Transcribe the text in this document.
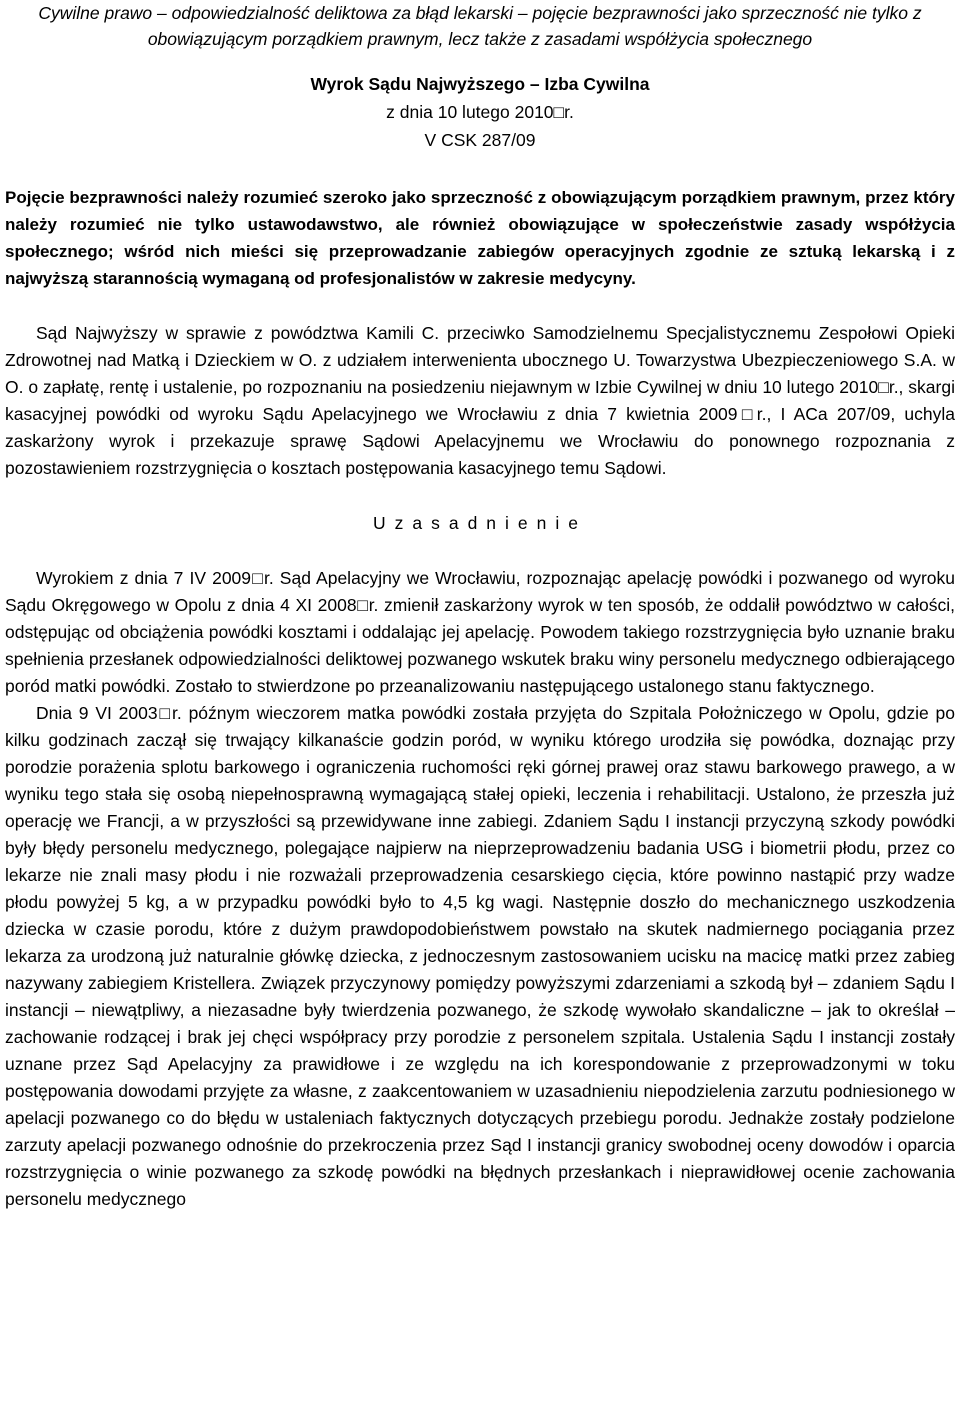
Cywilne prawo – odpowiedzialność deliktowa za błąd lekarski – pojęcie bezprawności jako sprzeczność nie tylko z obowiązującym porządkiem prawnym, lecz także z zasadami współżycia społecznego

Wyrok Sądu Najwyższego – Izba Cywilna

z dnia 10 lutego 2010□r.

V CSK 287/09

Pojęcie bezprawności należy rozumieć szeroko jako sprzeczność z obowiązującym porządkiem prawnym, przez który należy rozumieć nie tylko ustawodawstwo, ale również obowiązujące w społeczeństwie zasady współżycia społecznego; wśród nich mieści się przeprowadzanie zabiegów operacyjnych zgodnie ze sztuką lekarską i z najwyższą starannością wymaganą od profesjonalistów w zakresie medycyny.

Sąd Najwyższy w sprawie z powództwa Kamili C. przeciwko Samodzielnemu Specjalistycznemu Zespołowi Opieki Zdrowotnej nad Matką i Dzieckiem w O. z udziałem interwenienta ubocznego U. Towarzystwa Ubezpieczeniowego S.A. w O. o zapłatę, rentę i ustalenie, po rozpoznaniu na posiedzeniu niejawnym w Izbie Cywilnej w dniu 10 lutego 2010□r., skargi kasacyjnej powódki od wyroku Sądu Apelacyjnego we Wrocławiu z dnia 7 kwietnia 2009□r., I ACa 207/09, uchyla zaskarżony wyrok i przekazuje sprawę Sądowi Apelacyjnemu we Wrocławiu do ponownego rozpoznania z pozostawieniem rozstrzygnięcia o kosztach postępowania kasacyjnego temu Sądowi.

Uzasadnienie

Wyrokiem z dnia 7 IV 2009□r. Sąd Apelacyjny we Wrocławiu, rozpoznając apelację powódki i pozwanego od wyroku Sądu Okręgowego w Opolu z dnia 4 XI 2008□r. zmienił zaskarżony wyrok w ten sposób, że oddalił powództwo w całości, odstępując od obciążenia powódki kosztami i oddalając jej apelację. Powodem takiego rozstrzygnięcia było uznanie braku spełnienia przesłanek odpowiedzialności deliktowej pozwanego wskutek braku winy personelu medycznego odbierającego poród matki powódki. Zostało to stwierdzone po przeanalizowaniu następującego ustalonego stanu faktycznego.

Dnia 9 VI 2003□r. późnym wieczorem matka powódki została przyjęta do Szpitala Położniczego w Opolu, gdzie po kilku godzinach zaczął się trwający kilkanaście godzin poród, w wyniku którego urodziła się powódka, doznając przy porodzie porażenia splotu barkowego i ograniczenia ruchomości ręki górnej prawej oraz stawu barkowego prawego, a w wyniku tego stała się osobą niepełnosprawną wymagającą stałej opieki, leczenia i rehabilitacji. Ustalono, że przeszła już operację we Francji, a w przyszłości są przewidywane inne zabiegi. Zdaniem Sądu I instancji przyczyną szkody powódki były błędy personelu medycznego, polegające najpierw na nieprzeprowadzeniu badania USG i biometrii płodu, przez co lekarze nie znali masy płodu i nie rozważali przeprowadzenia cesarskiego cięcia, które powinno nastąpić przy wadze płodu powyżej 5 kg, a w przypadku powódki było to 4,5 kg wagi. Następnie doszło do mechanicznego uszkodzenia dziecka w czasie porodu, które z dużym prawdopodobieństwem powstało na skutek nadmiernego pociągania przez lekarza za urodzoną już naturalnie główkę dziecka, z jednoczesnym zastosowaniem ucisku na macicę matki przez zabieg nazywany zabiegiem Kristellera. Związek przyczynowy pomiędzy powyższymi zdarzeniami a szkodą był – zdaniem Sądu I instancji – niewątpliwy, a niezasadne były twierdzenia pozwanego, że szkodę wywołało skandaliczne – jak to określał – zachowanie rodzącej i brak jej chęci współpracy przy porodzie z personelem szpitala. Ustalenia Sądu I instancji zostały uznane przez Sąd Apelacyjny za prawidłowe i ze względu na ich korespondowanie z przeprowadzonymi w toku postępowania dowodami przyjęte za własne, z zaakcentowaniem w uzasadnieniu niepodzielenia zarzutu podniesionego w apelacji pozwanego co do błędu w ustaleniach faktycznych dotyczących przebiegu porodu. Jednakże zostały podzielone zarzuty apelacji pozwanego odnośnie do przekroczenia przez Sąd I instancji granicy swobodnej oceny dowodów i oparcia rozstrzygnięcia o winie pozwanego za szkodę powódki na błędnych przesłankach i nieprawidłowej ocenie zachowania personelu medycznego
